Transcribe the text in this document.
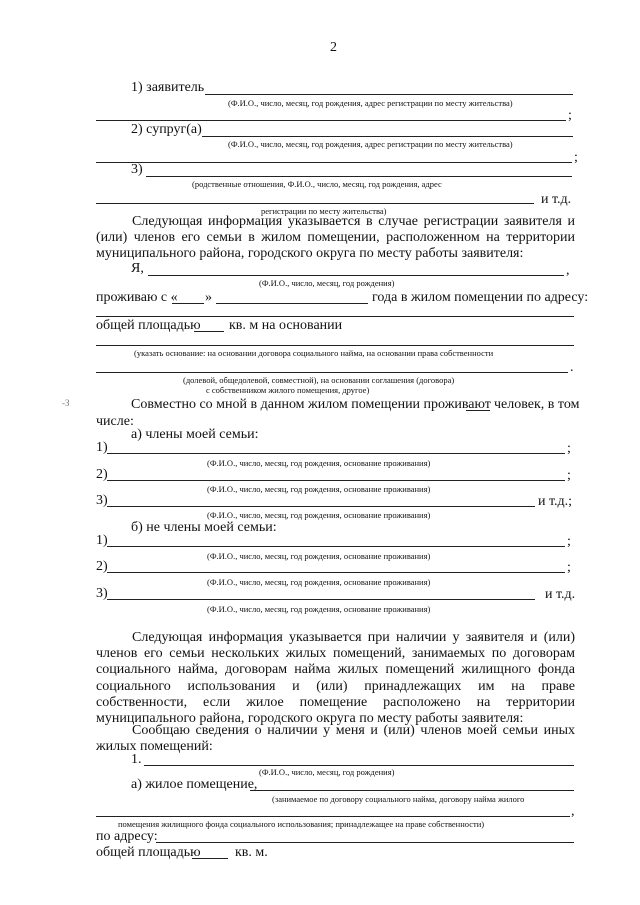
2
1) заявитель
(Ф.И.О., число, месяц, год рождения, адрес регистрации по месту жительства)
;
2) супруг(а)
(Ф.И.О., число, месяц, год рождения, адрес регистрации по месту жительства)
;
3)
(родственные отношения, Ф.И.О., число, месяц, год рождения, адрес
и т.д.
регистрации по месту жительства)
Следующая информация указывается в случае регистрации заявителя и (или) членов его семьи в жилом помещении, расположенном на территории муниципального района, городского округа по месту работы заявителя:
Я,	,
(Ф.И.О., число, месяц, год рождения)
проживаю с « »	года в жилом помещении по адресу:
общей площадью кв. м на основании
(указать основание: на основании договора социального найма, на основании права собственности
.
(долевой, общедолевой, совместной), на основании соглашения (договора)
с собственником жилого помещения, другое)
-З	Совместно со мной в данном жилом помещении проживают человек, в том
числе:
а) члены моей семьи:
1)	;
(Ф.И.О., число, месяц, год рождения, основание проживания)
2)	;
(Ф.И.О., число, месяц, год рождения, основание проживания)
3)	и т.д.;
(Ф.И.О., число, месяц, год рождения, основание проживания)
б) не члены моей семьи:
1)	;
(Ф.И.О., число, месяц, год рождения, основание проживания)
2)	;
(Ф.И.О., число, месяц, год рождения, основание проживания)
3)	и т.д.
(Ф.И.О., число, месяц, год рождения, основание проживания)
Следующая информация указывается при наличии у заявителя и (или) членов его семьи нескольких жилых помещений, занимаемых по договорам социального найма, договорам найма жилых помещений жилищного фонда социального использования и (или) принадлежащих им на праве собственности, если жилое помещение расположено на территории муниципального района, городского округа по месту работы заявителя:
Сообщаю сведения о наличии у меня и (или) членов моей семьи иных жилых помещений:
1.
(Ф.И.О., число, месяц, год рождения)
а) жилое помещение,
(занимаемое по договору социального найма, договору найма жилого
,
помещения жилищного фонда социального использования; принадлежащее на праве собственности)
по адресу:
общей площадью кв. м.
